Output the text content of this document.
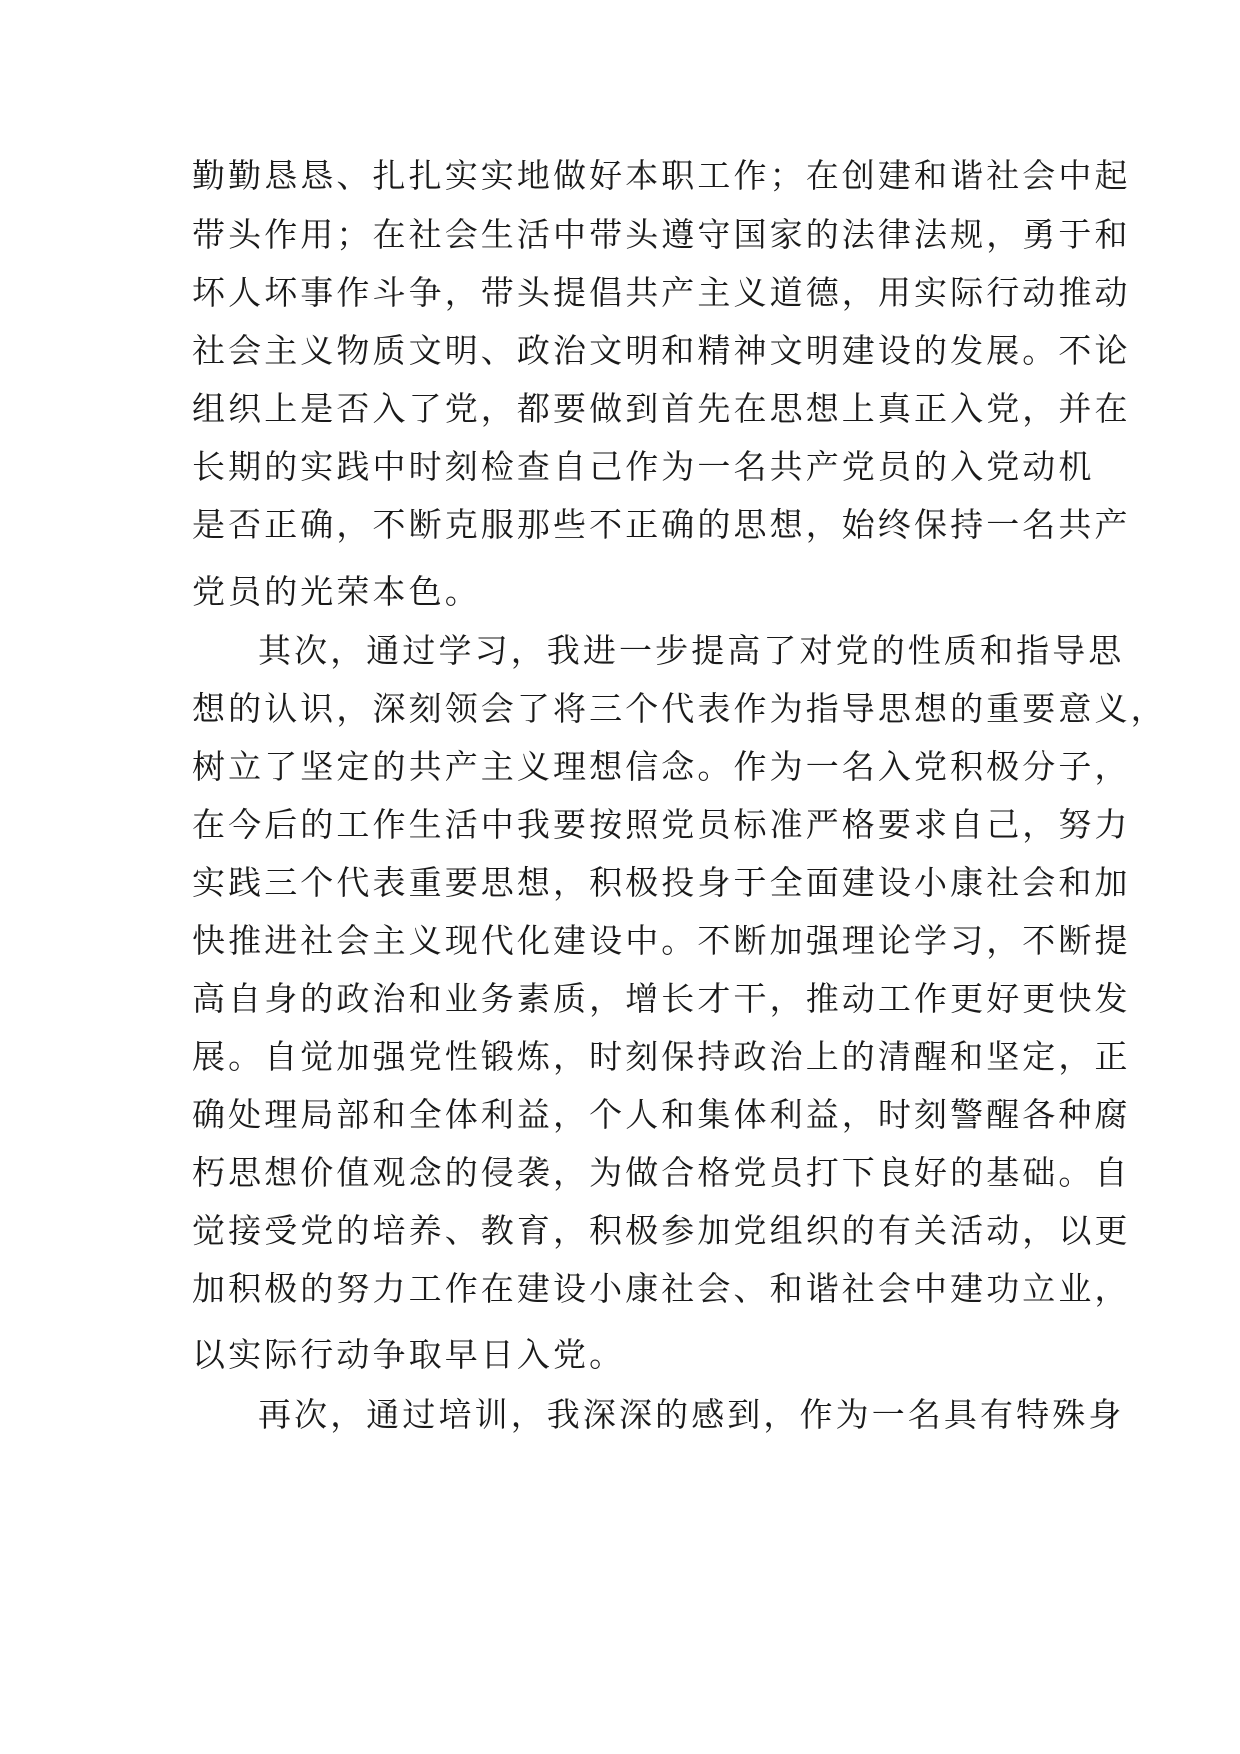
勤勤恳恳、扎扎实实地做好本职工作；在创建和谐社会中起
带头作用；在社会生活中带头遵守国家的法律法规，勇于和
坏人坏事作斗争，带头提倡共产主义道德，用实际行动推动
社会主义物质文明、政治文明和精神文明建设的发展。不论
组织上是否入了党，都要做到首先在思想上真正入党，并在
长期的实践中时刻检查自己作为一名共产党员的入党动机
是否正确，不断克服那些不正确的思想，始终保持一名共产
党员的光荣本色。
其次，通过学习，我进一步提高了对党的性质和指导思
想的认识，深刻领会了将三个代表作为指导思想的重要意义，
树立了坚定的共产主义理想信念。作为一名入党积极分子，
在今后的工作生活中我要按照党员标准严格要求自己，努力
实践三个代表重要思想，积极投身于全面建设小康社会和加
快推进社会主义现代化建设中。不断加强理论学习，不断提
高自身的政治和业务素质，增长才干，推动工作更好更快发
展。自觉加强党性锻炼，时刻保持政治上的清醒和坚定，正
确处理局部和全体利益，个人和集体利益，时刻警醒各种腐
朽思想价值观念的侵袭，为做合格党员打下良好的基础。自
觉接受党的培养、教育，积极参加党组织的有关活动，以更
加积极的努力工作在建设小康社会、和谐社会中建功立业，
以实际行动争取早日入党。
再次，通过培训，我深深的感到，作为一名具有特殊身
